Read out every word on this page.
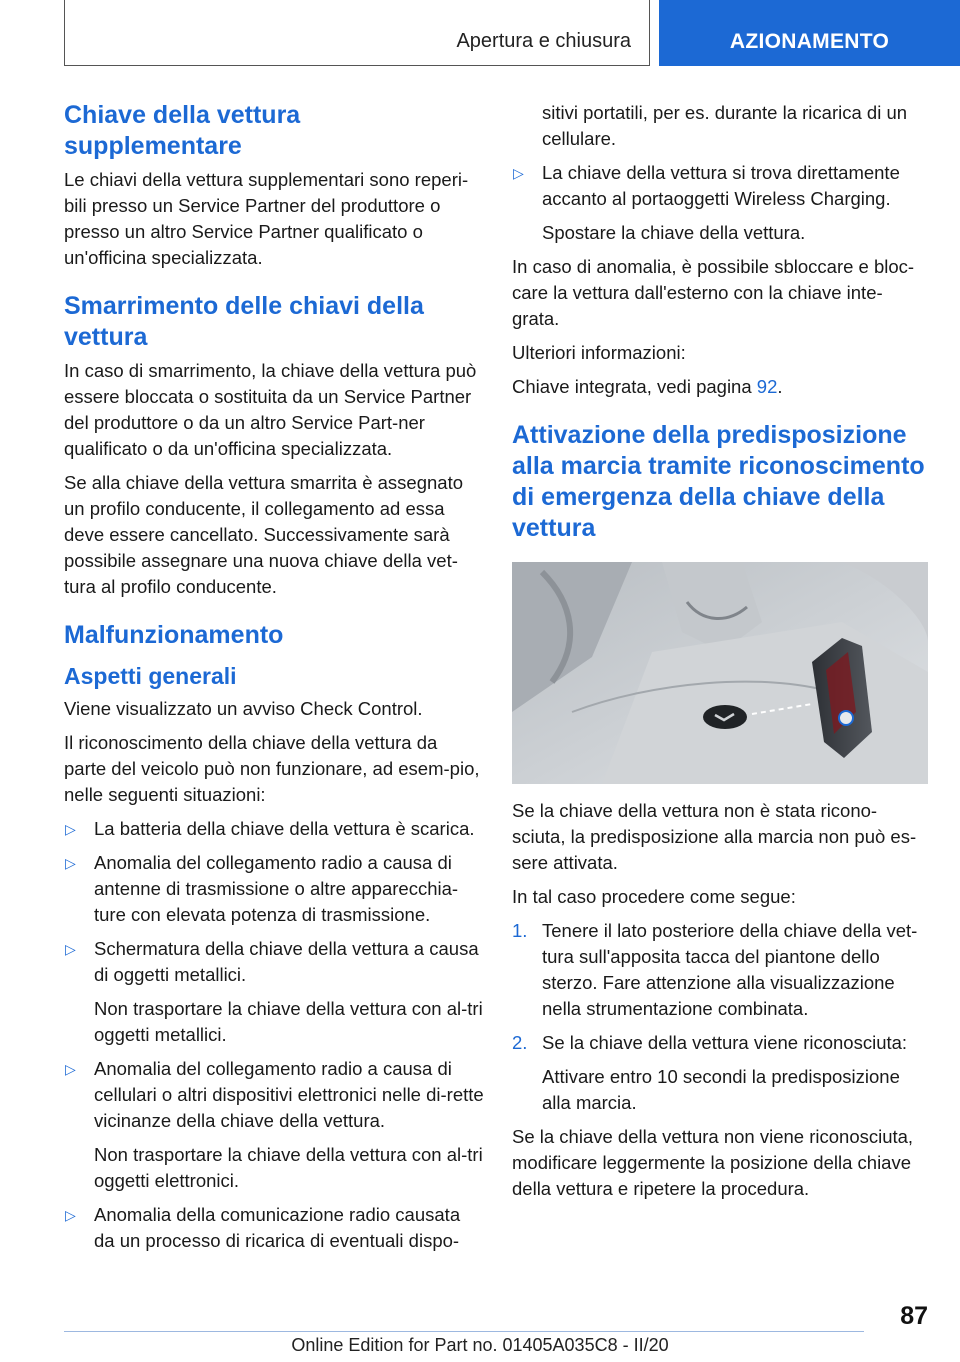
Apertura e chiusura	AZIONAMENTO
Chiave della vettura supplementare

Le chiavi della vettura supplementari sono reperi-bili presso un Service Partner del produttore o presso un altro Service Partner qualificato o un'officina specializzata.

Smarrimento delle chiavi della vettura

In caso di smarrimento, la chiave della vettura può essere bloccata o sostituita da un Service Partner del produttore o da un altro Service Part-ner qualificato o da un'officina specializzata.

Se alla chiave della vettura smarrita è assegnato un profilo conducente, il collegamento ad essa deve essere cancellato. Successivamente sarà possibile assegnare una nuova chiave della vet-tura al profilo conducente.

Malfunzionamento
Aspetti generali

Viene visualizzato un avviso Check Control.

Il riconoscimento della chiave della vettura da parte del veicolo può non funzionare, ad esem-pio, nelle seguenti situazioni:

▷ La batteria della chiave della vettura è scarica.
▷ Anomalia del collegamento radio a causa di antenne di trasmissione o altre apparecchia-ture con elevata potenza di trasmissione.
▷ Schermatura della chiave della vettura a causa di oggetti metallici.
Non trasportare la chiave della vettura con al-tri oggetti metallici.
▷ Anomalia del collegamento radio a causa di cellulari o altri dispositivi elettronici nelle di-rette vicinanze della chiave della vettura.
Non trasportare la chiave della vettura con al-tri oggetti elettronici.
▷ Anomalia della comunicazione radio causata da un processo di ricarica di eventuali dispo-

sitivi portatili, per es. durante la ricarica di un cellulare.

▷ La chiave della vettura si trova direttamente accanto al portaoggetti Wireless Charging.
Spostare la chiave della vettura.

In caso di anomalia, è possibile sbloccare e bloc-care la vettura dall'esterno con la chiave inte-grata.

Ulteriori informazioni:

Chiave integrata, vedi pagina 92.

Attivazione della predisposizione alla marcia tramite riconoscimento di emergenza della chiave della vettura

Se la chiave della vettura non è stata ricono-sciuta, la predisposizione alla marcia non può es-sere attivata.

In tal caso procedere come segue:

1. Tenere il lato posteriore della chiave della vet-tura sull'apposita tacca del piantone dello sterzo. Fare attenzione alla visualizzazione nella strumentazione combinata.
2. Se la chiave della vettura viene riconosciuta:
Attivare entro 10 secondi la predisposizione alla marcia.

Se la chiave della vettura non viene riconosciuta, modificare leggermente la posizione della chiave della vettura e ripetere la procedura.

87
Online Edition for Part no. 01405A035C8 - II/20
